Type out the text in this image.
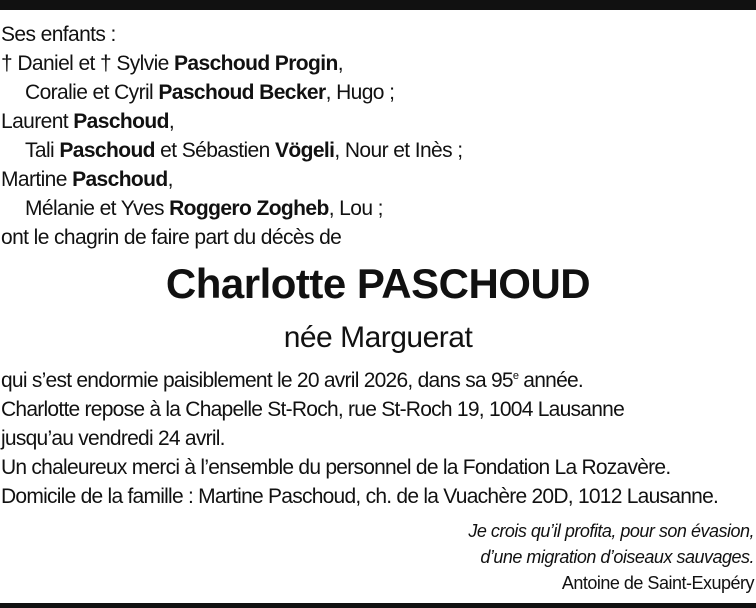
Ses enfants :
† Daniel et † Sylvie Paschoud Progin,
Coralie et Cyril Paschoud Becker, Hugo ;
Laurent Paschoud,
Tali Paschoud et Sébastien Vögeli, Nour et Inès ;
Martine Paschoud,
Mélanie et Yves Roggero Zogheb, Lou ;
ont le chagrin de faire part du décès de
Charlotte PASCHOUD
née Marguerat
qui s’est endormie paisiblement le 20 avril 2026, dans sa 95e année.
Charlotte repose à la Chapelle St-Roch, rue St-Roch 19, 1004 Lausanne
jusqu’au vendredi 24 avril.
Un chaleureux merci à l’ensemble du personnel de la Fondation La Rozavère.
Domicile de la famille : Martine Paschoud, ch. de la Vuachère 20D, 1012 Lausanne.
Je crois qu’il profita, pour son évasion,
d’une migration d’oiseaux sauvages.
Antoine de Saint-Exupéry
